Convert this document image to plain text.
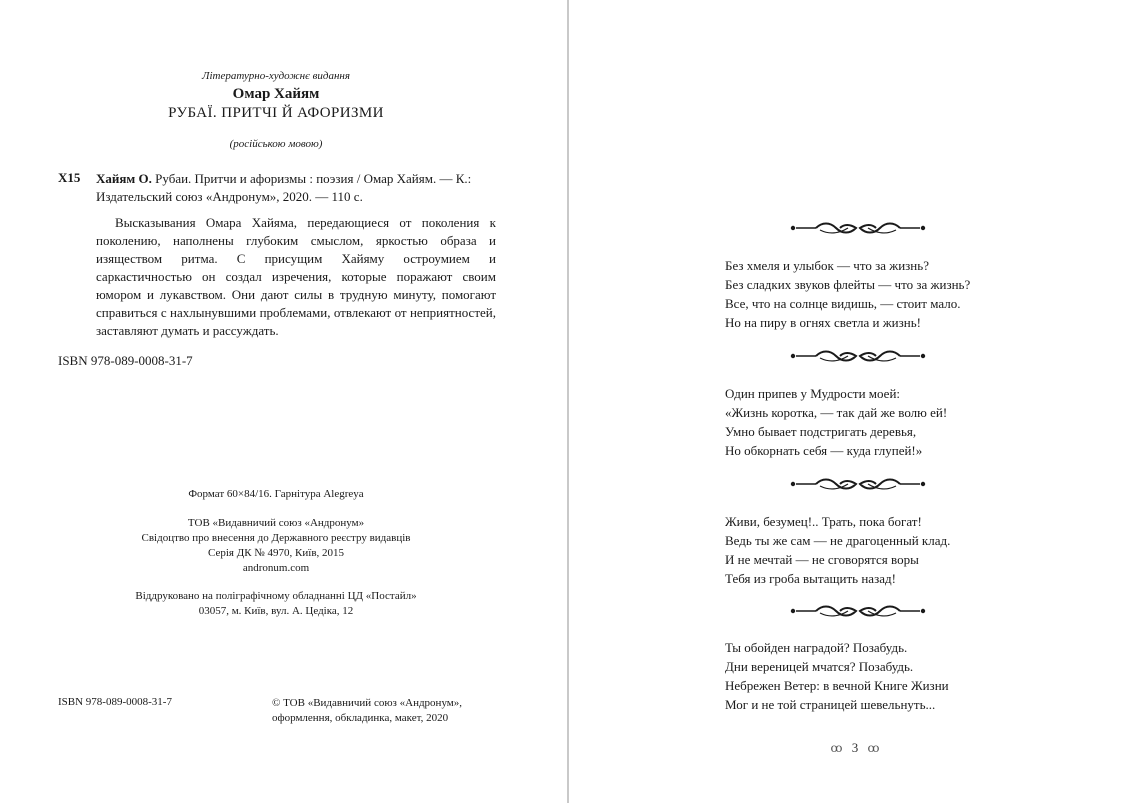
Літературно-художнє видання
Омар Хайям
РУБАЇ. ПРИТЧІ Й АФОРИЗМИ
(російською мовою)
Х15 Хайям О. Рубаи. Притчи и афоризмы : поэзия / Омар Хайям. — К.: Издательский союз «Андронум», 2020. — 110 с.
Высказывания Омара Хайяма, передающиеся от поколения к поколению, наполнены глубоким смыслом, яркостью образа и изяществом ритма. С присущим Хайяму остроумием и саркастичностью он создал изречения, которые поражают своим юмором и лукавством. Они дают силы в трудную минуту, помогают справиться с нахлынувшими проблемами, отвлекают от неприятностей, заставляют думать и рассуждать.
ISBN 978-089-0008-31-7
Формат 60×84/16. Гарнітура Alegreya
ТОВ «Видавничий союз «Андронум»
Свідоцтво про внесення до Державного реєстру видавців
Серія ДК № 4970, Київ, 2015
andronum.com
Віддруковано на поліграфічному обладнанні ЦД «Постайл»
03057, м. Київ, вул. А. Цедіка, 12
ISBN 978-089-0008-31-7	© ТОВ «Видавничий союз «Андронум»,
оформлення, обкладинка, макет, 2020
Без хмеля и улыбок — что за жизнь?
Без сладких звуков флейты — что за жизнь?
Все, что на солнце видишь, — стоит мало.
Но на пиру в огнях светла и жизнь!
Один припев у Мудрости моей:
«Жизнь коротка, — так дай же волю ей!
Умно бывает подстригать деревья,
Но обкорнать себя — куда глупей!»
Живи, безумец!.. Трать, пока богат!
Ведь ты же сам — не драгоценный клад.
И не мечтай — не сговорятся воры
Тебя из гроба вытащить назад!
Ты обойден наградой? Позабудь.
Дни вереницей мчатся? Позабудь.
Небрежен Ветер: в вечной Книге Жизни
Мог и не той страницей шевельнуть...
ꝏ 3 ꝏ
